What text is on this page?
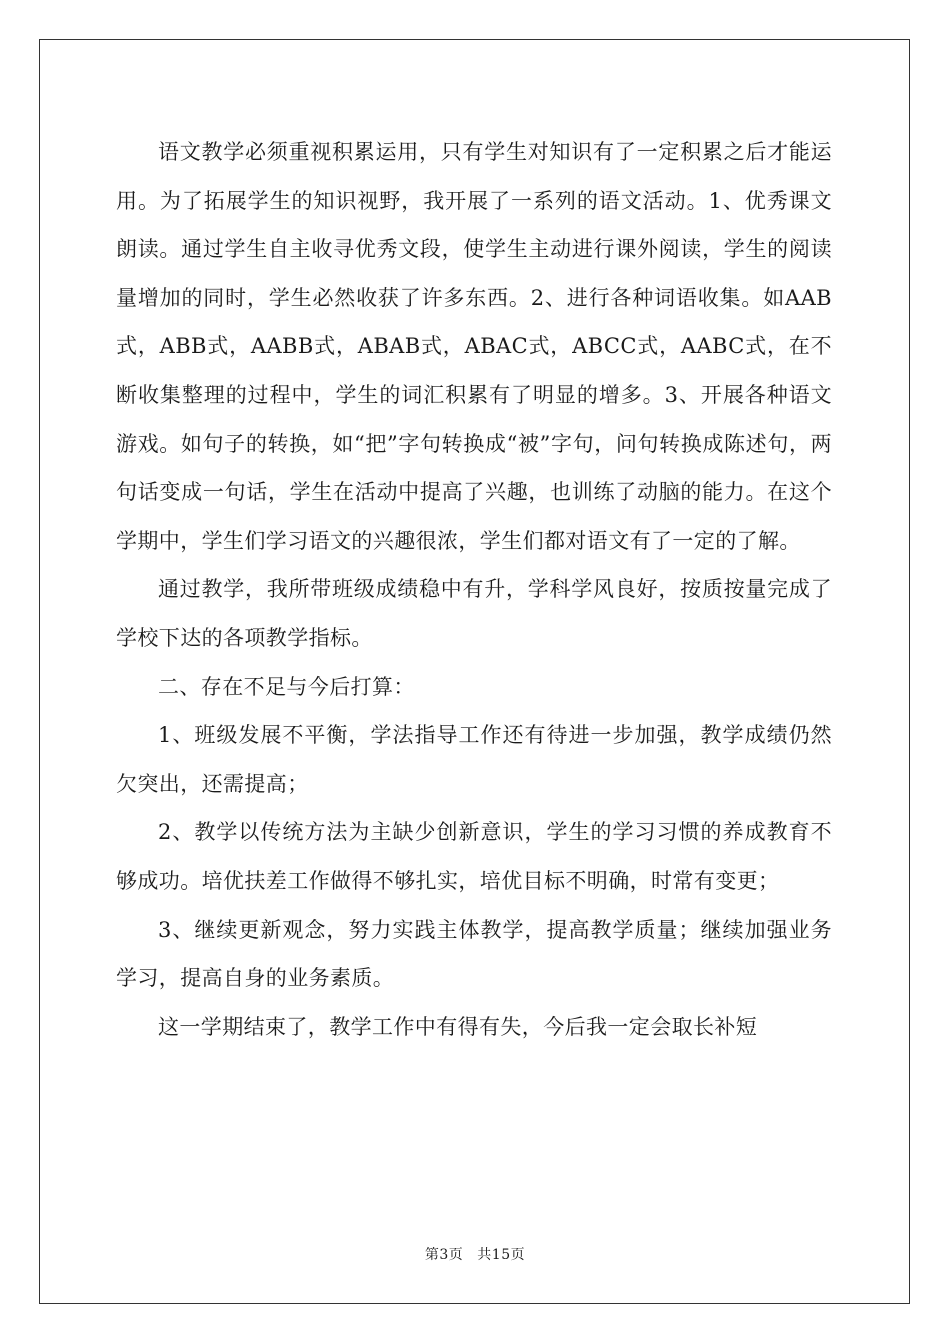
语文教学必须重视积累运用，只有学生对知识有了一定积累之后才能运用。为了拓展学生的知识视野，我开展了一系列的语文活动。1、优秀课文朗读。通过学生自主收寻优秀文段，使学生主动进行课外阅读，学生的阅读量增加的同时，学生必然收获了许多东西。2、进行各种词语收集。如AAB式，ABB式，AABB式，ABAB式，ABAC式，ABCC式，AABC式，在不断收集整理的过程中，学生的词汇积累有了明显的增多。3、开展各种语文游戏。如句子的转换，如“把”字句转换成“被”字句，问句转换成陈述句，两句话变成一句话，学生在活动中提高了兴趣，也训练了动脑的能力。在这个学期中，学生们学习语文的兴趣很浓，学生们都对语文有了一定的了解。

通过教学，我所带班级成绩稳中有升，学科学风良好，按质按量完成了学校下达的各项教学指标。

二、存在不足与今后打算：

1、班级发展不平衡，学法指导工作还有待进一步加强，教学成绩仍然欠突出，还需提高；

2、教学以传统方法为主缺少创新意识，学生的学习习惯的养成教育不够成功。培优扶差工作做得不够扎实，培优目标不明确，时常有变更；

3、继续更新观念，努力实践主体教学，提高教学质量；继续加强业务学习，提高自身的业务素质。

这一学期结束了，教学工作中有得有失，今后我一定会取长补短

第3页 共15页
